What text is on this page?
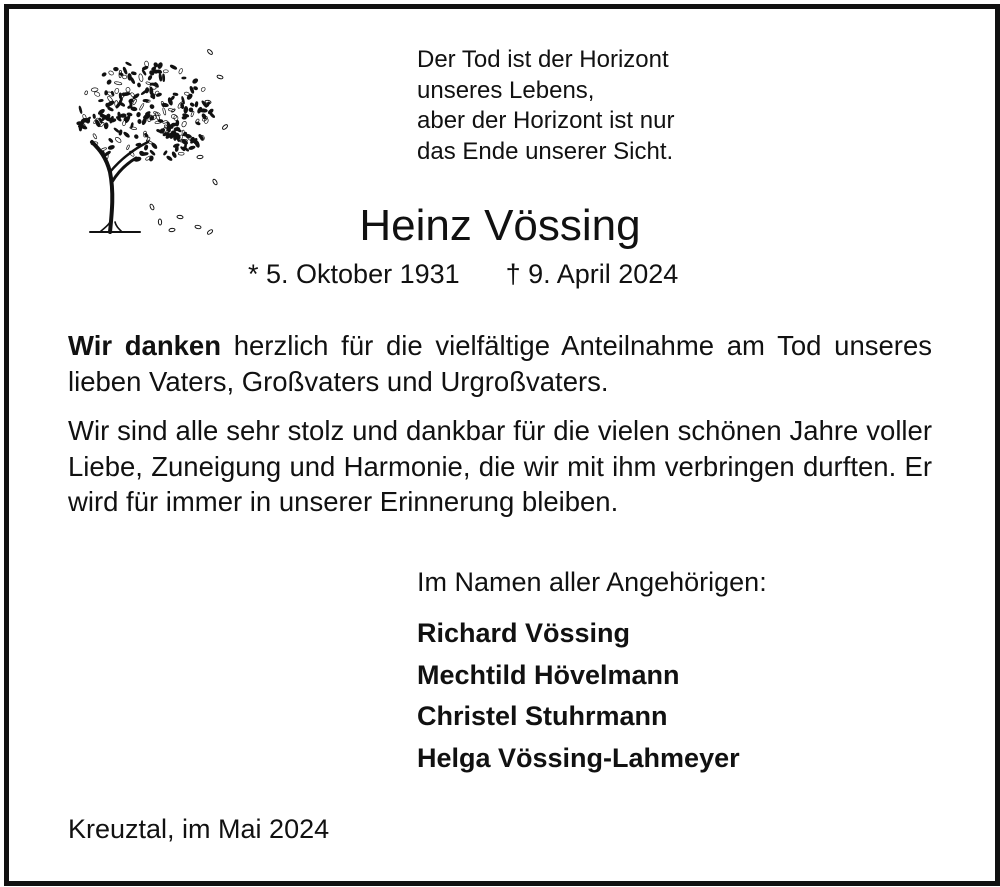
Der Tod ist der Horizont
unseres Lebens,
aber der Horizont ist nur
das Ende unserer Sicht.
Heinz Vössing
* 5. Oktober 1931 † 9. April 2024
Wir danken herzlich für die vielfältige Anteilnahme am Tod unseres lieben Vaters, Großvaters und Urgroßvaters.
Wir sind alle sehr stolz und dankbar für die vielen schönen Jahre voller Liebe, Zuneigung und Harmonie, die wir mit ihm verbringen durften. Er wird für immer in unserer Erinnerung bleiben.
Im Namen aller Angehörigen:
Richard Vössing
Mechtild Hövelmann
Christel Stuhrmann
Helga Vössing-Lahmeyer
Kreuztal, im Mai 2024
